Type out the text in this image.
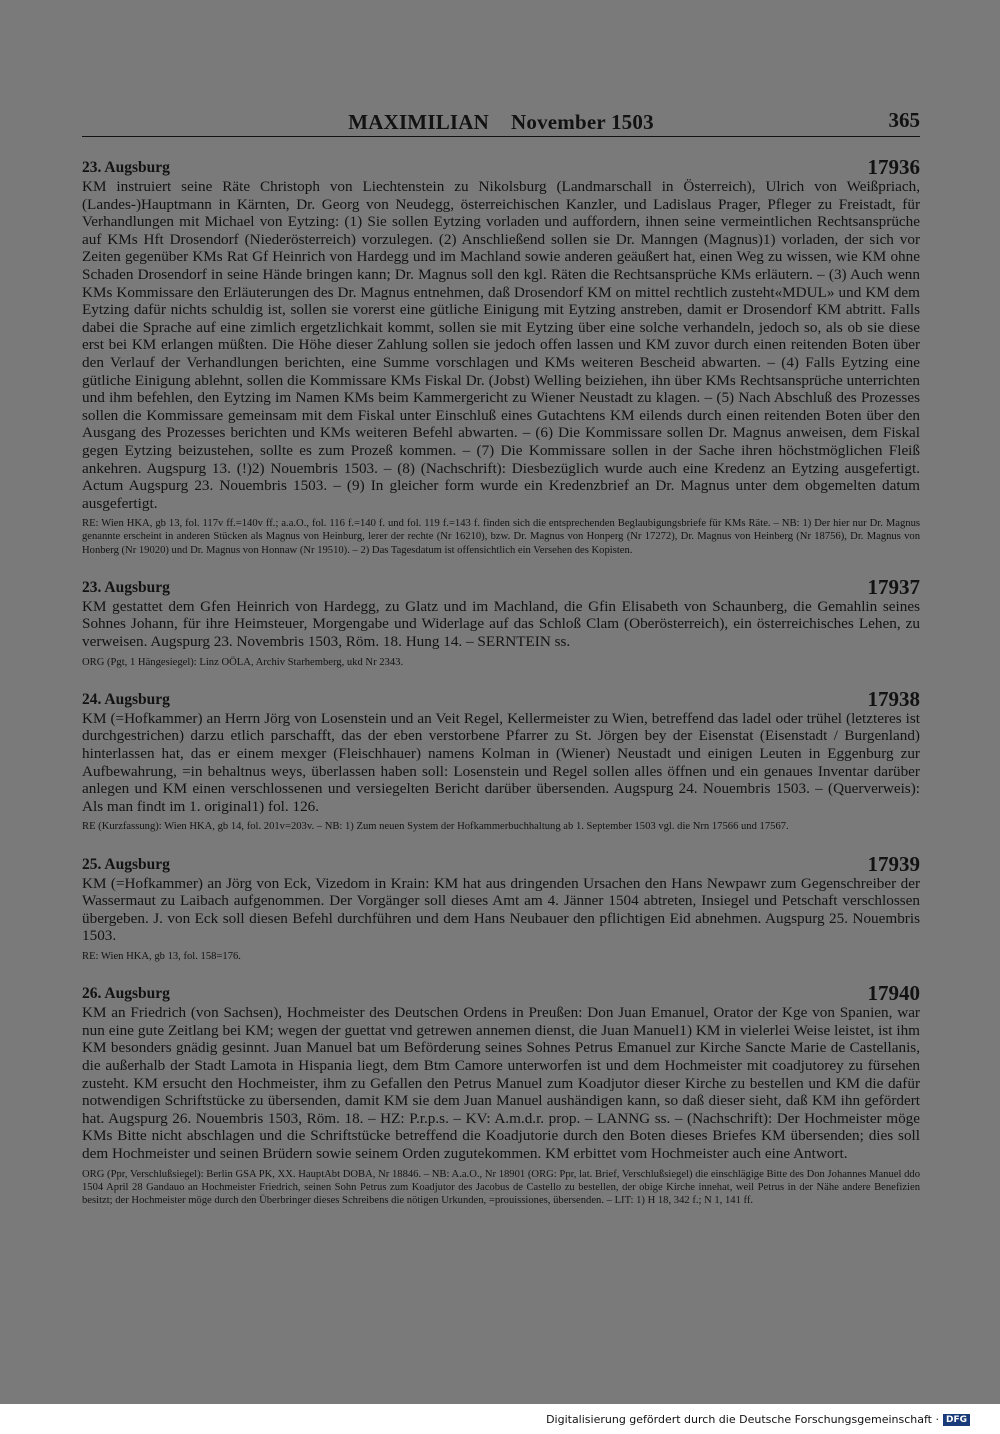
MAXIMILIAN November 1503	365
23. Augsburg	17936
KM instruiert seine Räte Christoph von Liechtenstein zu Nikolsburg (Landmarschall in Österreich), Ulrich von Weißpriach, (Landes-)Hauptmann in Kärnten, Dr. Georg von Neudegg, österreichischen Kanzler, und Ladislaus Prager, Pfleger zu Freistadt, für Verhandlungen mit Michael von Eytzing: (1) Sie sollen Eytzing vorladen und auffordern, ihnen seine vermeintlichen Rechtsansprüche auf KMs Hft Drosendorf (Niederösterreich) vorzulegen. (2) Anschließend sollen sie Dr. Manngen (Magnus)1) vorladen, der sich vor Zeiten gegenüber KMs Rat Gf Heinrich von Hardegg und im Machland sowie anderen geäußert hat, einen Weg zu wissen, wie KM ohne Schaden Drosendorf in seine Hände bringen kann; Dr. Magnus soll den kgl. Räten die Rechtsansprüche KMs erläutern. – (3) Auch wenn KMs Kommissare den Erläuterungen des Dr. Magnus entnehmen, daß Drosendorf KM on mittel rechtlich zusteht«MDUL» und KM dem Eytzing dafür nichts schuldig ist, sollen sie vorerst eine gütliche Einigung mit Eytzing anstreben, damit er Drosendorf KM abtritt. Falls dabei die Sprache auf eine zimlich ergetzlichkait kommt, sollen sie mit Eytzing über eine solche verhandeln, jedoch so, als ob sie diese erst bei KM erlangen müßten. Die Höhe dieser Zahlung sollen sie jedoch offen lassen und KM zuvor durch einen reitenden Boten über den Verlauf der Verhandlungen berichten, eine Summe vorschlagen und KMs weiteren Bescheid abwarten. – (4) Falls Eytzing eine gütliche Einigung ablehnt, sollen die Kommissare KMs Fiskal Dr. (Jobst) Welling beiziehen, ihn über KMs Rechtsansprüche unterrichten und ihm befehlen, den Eytzing im Namen KMs beim Kammergericht zu Wiener Neustadt zu klagen. – (5) Nach Abschluß des Prozesses sollen die Kommissare gemeinsam mit dem Fiskal unter Einschluß eines Gutachtens KM eilends durch einen reitenden Boten über den Ausgang des Prozesses berichten und KMs weiteren Befehl abwarten. – (6) Die Kommissare sollen Dr. Magnus anweisen, dem Fiskal gegen Eytzing beizustehen, sollte es zum Prozeß kommen. – (7) Die Kommissare sollen in der Sache ihren höchstmöglichen Fleiß ankehren. Augspurg 13. (!)2) Nouembris 1503. – (8) (Nachschrift): Diesbezüglich wurde auch eine Kredenz an Eytzing ausgefertigt. Actum Augspurg 23. Nouembris 1503. – (9) In gleicher form wurde ein Kredenzbrief an Dr. Magnus unter dem obgemelten datum ausgefertigt.
RE: Wien HKA, gb 13, fol. 117v ff.=140v ff.; a.a.O., fol. 116 f.=140 f. und fol. 119 f.=143 f. finden sich die entsprechenden Beglaubigungsbriefe für KMs Räte. – NB: 1) Der hier nur Dr. Magnus genannte erscheint in anderen Stücken als Magnus von Heinburg, lerer der rechte (Nr 16210), bzw. Dr. Magnus von Honperg (Nr 17272), Dr. Magnus von Heinberg (Nr 18756), Dr. Magnus von Honberg (Nr 19020) und Dr. Magnus von Honnaw (Nr 19510). – 2) Das Tagesdatum ist offensichtlich ein Versehen des Kopisten.
23. Augsburg	17937
KM gestattet dem Gfen Heinrich von Hardegg, zu Glatz und im Machland, die Gfin Elisabeth von Schaunberg, die Gemahlin seines Sohnes Johann, für ihre Heimsteuer, Morgengabe und Widerlage auf das Schloß Clam (Oberösterreich), ein österreichisches Lehen, zu verweisen. Augspurg 23. Novembris 1503, Röm. 18. Hung 14. – SERNTEIN ss.
ORG (Pgt, 1 Hängesiegel): Linz OÖLA, Archiv Starhemberg, ukd Nr 2343.
24. Augsburg	17938
KM (=Hofkammer) an Herrn Jörg von Losenstein und an Veit Regel, Kellermeister zu Wien, betreffend das ladel oder trühel (letzteres ist durchgestrichen) darzu etlich parschafft, das der eben verstorbene Pfarrer zu St. Jörgen bey der Eisenstat (Eisenstadt / Burgenland) hinterlassen hat, das er einem mexger (Fleischhauer) namens Kolman in (Wiener) Neustadt und einigen Leuten in Eggenburg zur Aufbewahrung, =in behaltnus weys, überlassen haben soll: Losenstein und Regel sollen alles öffnen und ein genaues Inventar darüber anlegen und KM einen verschlossenen und versiegelten Bericht darüber übersenden. Augspurg 24. Nouembris 1503. – (Querverweis): Als man findt im 1. original1) fol. 126.
RE (Kurzfassung): Wien HKA, gb 14, fol. 201v=203v. – NB: 1) Zum neuen System der Hofkammerbuchhaltung ab 1. September 1503 vgl. die Nrn 17566 und 17567.
25. Augsburg	17939
KM (=Hofkammer) an Jörg von Eck, Vizedom in Krain: KM hat aus dringenden Ursachen den Hans Newpawr zum Gegenschreiber der Wassermaut zu Laibach aufgenommen. Der Vorgänger soll dieses Amt am 4. Jänner 1504 abtreten, Insiegel und Petschaft verschlossen übergeben. J. von Eck soll diesen Befehl durchführen und dem Hans Neubauer den pflichtigen Eid abnehmen. Augspurg 25. Nouembris 1503.
RE: Wien HKA, gb 13, fol. 158=176.
26. Augsburg	17940
KM an Friedrich (von Sachsen), Hochmeister des Deutschen Ordens in Preußen: Don Juan Emanuel, Orator der Kge von Spanien, war nun eine gute Zeitlang bei KM; wegen der guettat vnd getrewen annemen dienst, die Juan Manuel1) KM in vielerlei Weise leistet, ist ihm KM besonders gnädig gesinnt. Juan Manuel bat um Beförderung seines Sohnes Petrus Emanuel zur Kirche Sancte Marie de Castellanis, die außerhalb der Stadt Lamota in Hispania liegt, dem Btm Camore unterworfen ist und dem Hochmeister mit coadjutorey zu fürsehen zusteht. KM ersucht den Hochmeister, ihm zu Gefallen den Petrus Manuel zum Koadjutor dieser Kirche zu bestellen und KM die dafür notwendigen Schriftstücke zu übersenden, damit KM sie dem Juan Manuel aushändigen kann, so daß dieser sieht, daß KM ihn gefördert hat. Augspurg 26. Nouembris 1503, Röm. 18. – HZ: P.r.p.s. – KV: A.m.d.r. prop. – LANNG ss. – (Nachschrift): Der Hochmeister möge KMs Bitte nicht abschlagen und die Schriftstücke betreffend die Koadjutorie durch den Boten dieses Briefes KM übersenden; dies soll dem Hochmeister und seinen Brüdern sowie seinem Orden zugutekommen. KM erbittet vom Hochmeister auch eine Antwort.
ORG (Ppr, Verschlußsiegel): Berlin GSA PK, XX. HauptAbt DOBA, Nr 18846. – NB: A.a.O., Nr 18901 (ORG: Ppr, lat. Brief, Verschlußsiegel) die einschlägige Bitte des Don Johannes Manuel ddo 1504 April 28 Gandauo an Hochmeister Friedrich, seinen Sohn Petrus zum Koadjutor des Jacobus de Castello zu bestellen, der obige Kirche innehat, weil Petrus in der Nähe andere Benefizien besitzt; der Hochmeister möge durch den Überbringer dieses Schreibens die nötigen Urkunden, =prouissiones, übersenden. – LIT: 1) H 18, 342 f.; N 1, 141 ff.
Digitalisierung gefördert durch die Deutsche Forschungsgemeinschaft · DFG
